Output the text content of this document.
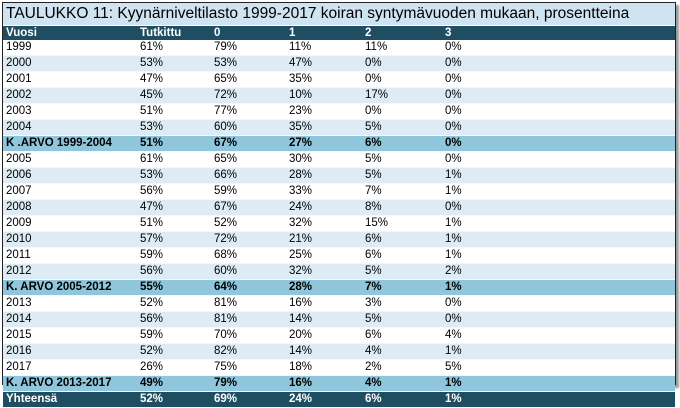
TAULUKKO 11: Kyynärniveltilasto 1999-2017 koiran syntymävuoden mukaan, prosentteina
Vuosi	Tutkittu	0	1	2	3
1999	61%	79%	11%	11%	0%
2000	53%	53%	47%	0%	0%
2001	47%	65%	35%	0%	0%
2002	45%	72%	10%	17%	0%
2003	51%	77%	23%	0%	0%
2004	53%	60%	35%	5%	0%
K .ARVO 1999-2004	51%	67%	27%	6%	0%
2005	61%	65%	30%	5%	0%
2006	53%	66%	28%	5%	1%
2007	56%	59%	33%	7%	1%
2008	47%	67%	24%	8%	0%
2009	51%	52%	32%	15%	1%
2010	57%	72%	21%	6%	1%
2011	59%	68%	25%	6%	1%
2012	56%	60%	32%	5%	2%
K. ARVO 2005-2012	55%	64%	28%	7%	1%
2013	52%	81%	16%	3%	0%
2014	56%	81%	14%	5%	0%
2015	59%	70%	20%	6%	4%
2016	52%	82%	14%	4%	1%
2017	26%	75%	18%	2%	5%
K. ARVO 2013-2017	49%	79%	16%	4%	1%
Yhteensä	52%	69%	24%	6%	1%
